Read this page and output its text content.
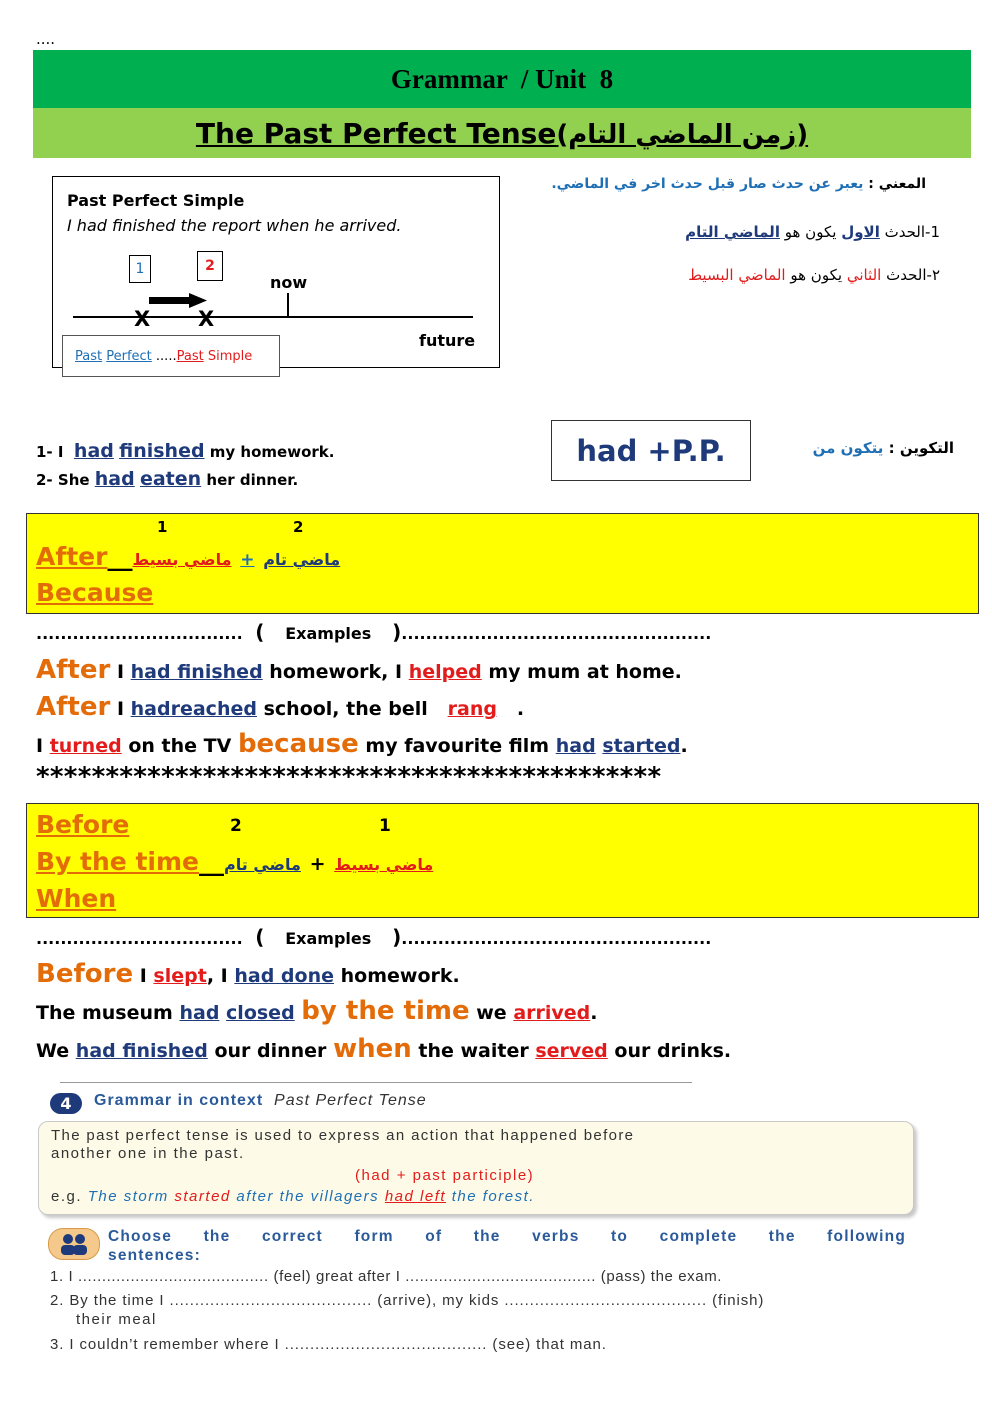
....
Grammar  / Unit  8
The Past Perfect Tense(زمن الماضي التام)
Past Perfect Simple
I had finished the report when he arrived.
1	2
now
X X
future
Past
Perfect
..... Past
Simple
المعني : يعبر عن حدث صار قبل حدث اخر في الماضي.
1-الحدث الاول يكون هو الماضي التام
٢-الحدث الثاني يكون هو الماضي البسيط
1- I had finished my homework.
2- She had eaten her dinner.
had +P.P.	التكوين : يتكون من
1	2
After__	ماضي تام + ماضي بسيط
Because
..................................  (   Examples   )...................................................
After I had finished homework, I helped my mum at home.
After I hadreached school, the bell rang .
I turned on the TV because my favourite film had started.
*********************************************
Before	2	1
By the time__	ماضي بسيط + ماضي تام
When
..................................  (   Examples   )...................................................
Before I slept, I had done homework.
The museum had closed by the time we arrived.
We had finished our dinner when the waiter served our drinks.
4	Grammar in context Past Perfect Tense
The past perfect tense is used to express an action that happened before
another one in the past.
(had + past participle)
e.g. The storm started after the villagers had left the forest.
Choose the correct form of the verbs to complete the following
sentences:
1. I ........................................ (feel) great after I ........................................ (pass) the exam.
2. By the time I ........................................ (arrive), my kids ........................................ (finish)
their meal
3. I couldn’t remember where I ........................................ (see) that man.
